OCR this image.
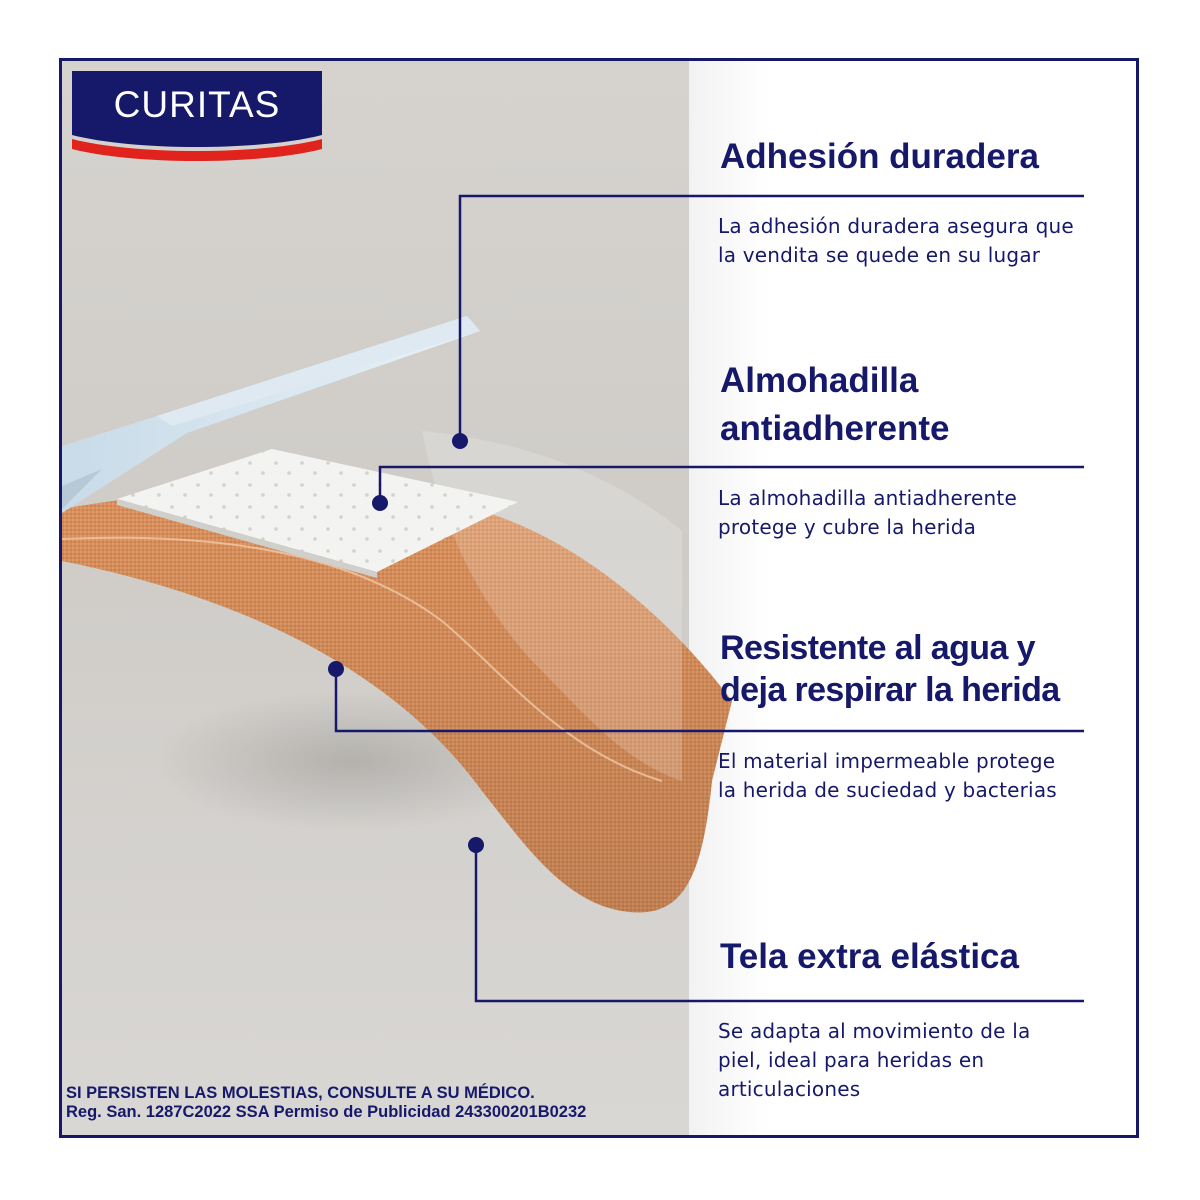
CURITAS
Adhesión duradera

La adhesión duradera asegura que
la vendita se quede en su lugar

Almohadilla
antiadherente

La almohadilla antiadherente
protege y cubre la herida

Resistente al agua y
deja respirar la herida

El material impermeable protege
la herida de suciedad y bacterias

Tela extra elástica

Se adapta al movimiento de la
piel, ideal para heridas en
articulaciones

SI PERSISTEN LAS MOLESTIAS, CONSULTE A SU MÉDICO.

Reg. San. 1287C2022 SSA Permiso de Publicidad 243300201B0232
